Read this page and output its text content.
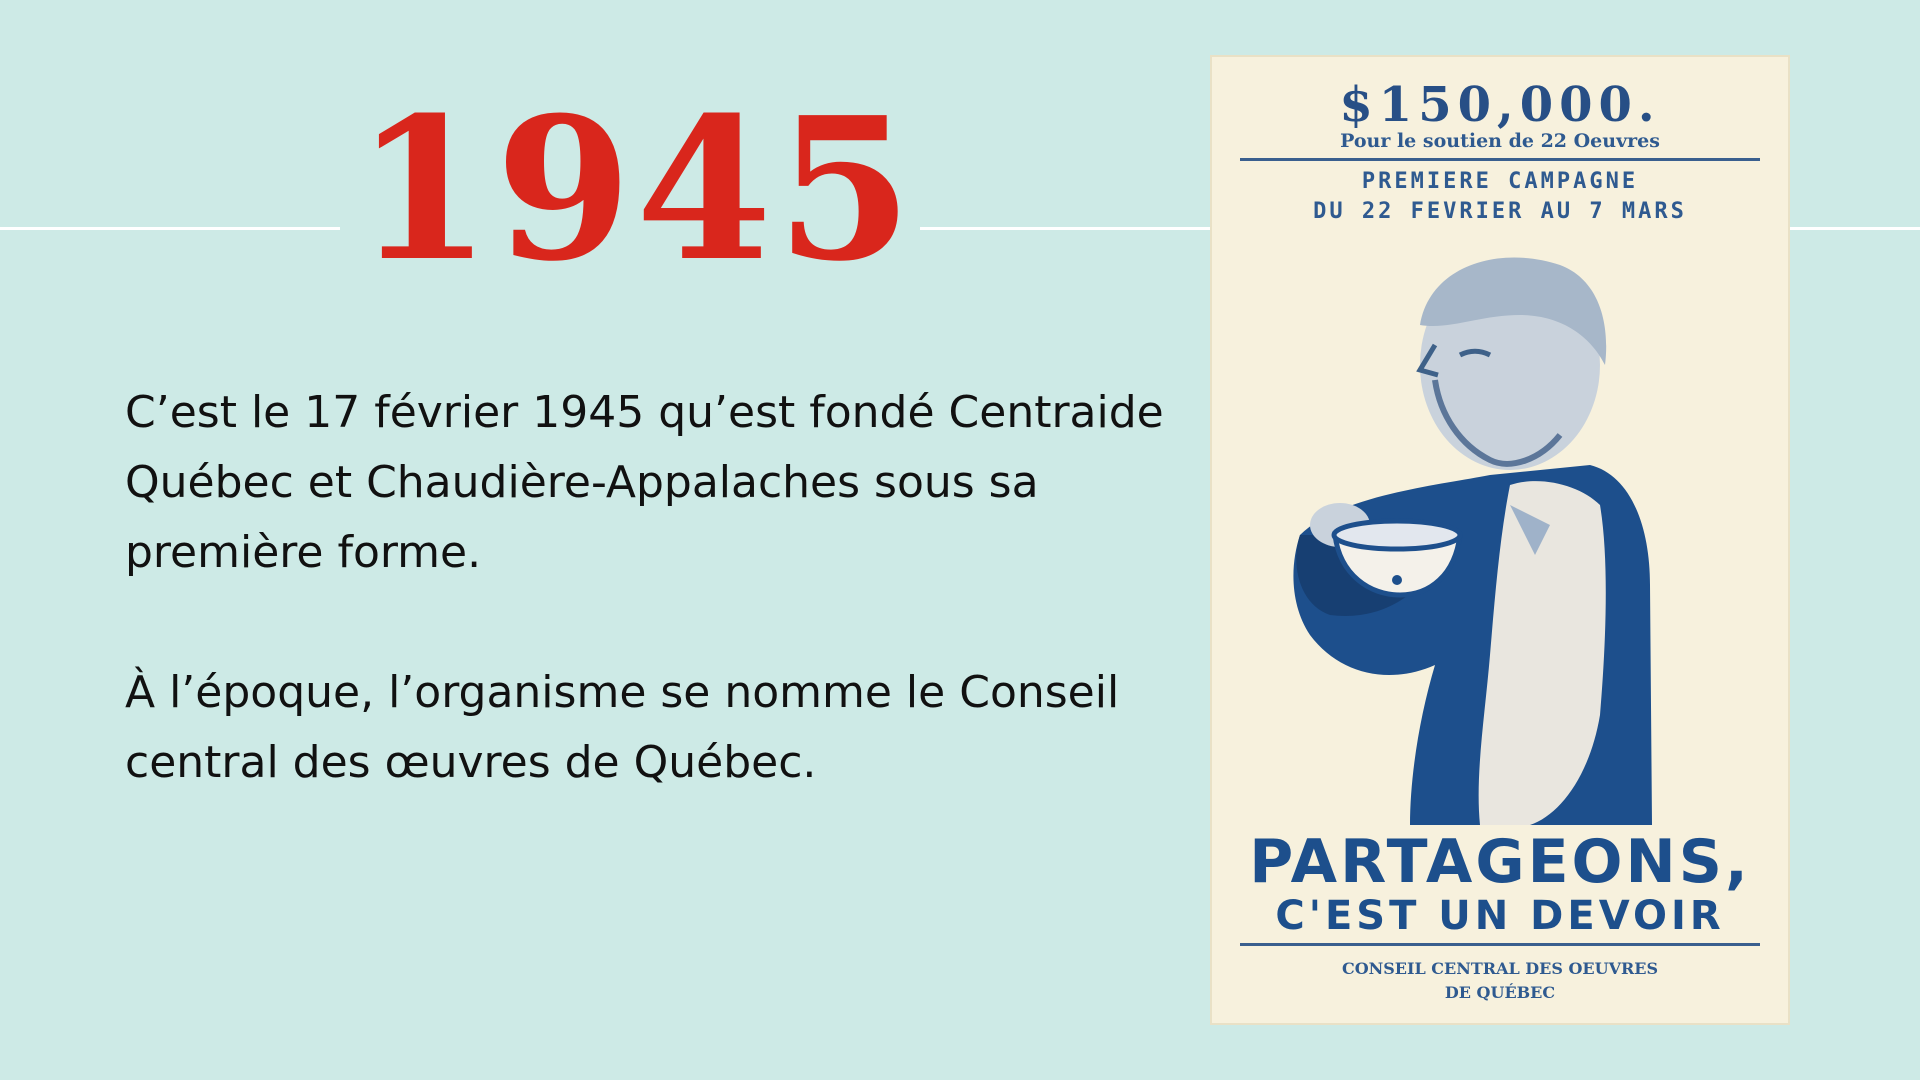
1945

C’est le 17 février 1945 qu’est fondé Centraide Québec et Chaudière-Appalaches sous sa première forme.

À l’époque, l’organisme se nomme le Conseil central des œuvres de Québec.

$150,000.
Pour le soutien de 22 Oeuvres
PREMIERE CAMPAGNE
DU 22 FEVRIER AU 7 MARS
PARTAGEONS,
C'EST UN DEVOIR
CONSEIL CENTRAL DES OEUVRES
DE QUÉBEC
